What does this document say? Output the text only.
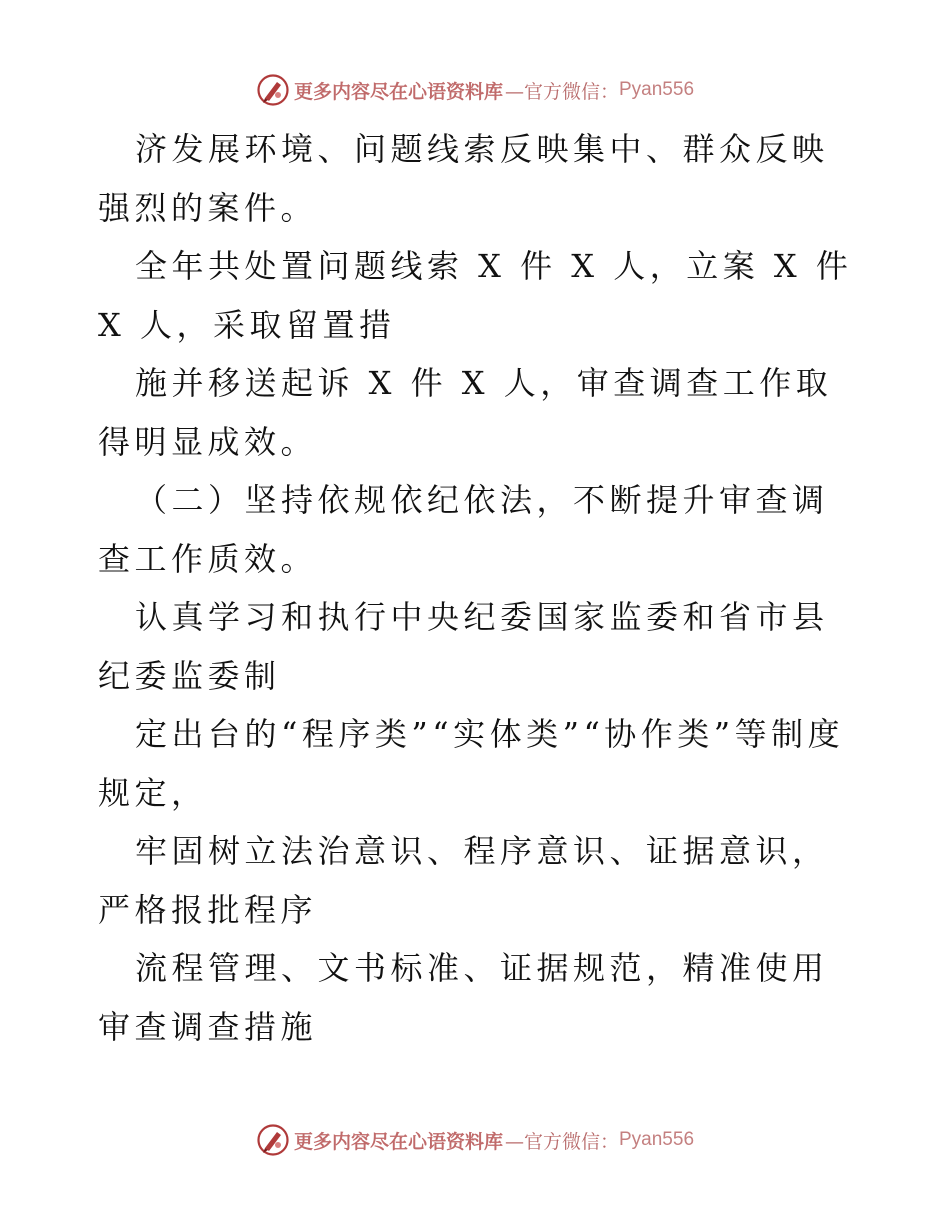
更多内容尽在心语资料库 —官方微信： Pyan556

济发展环境、问题线索反映集中、群众反映强烈的案件。

全年共处置问题线索 X 件 X 人，立案 X 件 X 人，采取留置措

施并移送起诉 X 件 X 人，审查调查工作取得明显成效。

（二）坚持依规依纪依法，不断提升审查调查工作质效。

认真学习和执行中央纪委国家监委和省市县纪委监委制

定出台的“程序类”“实体类”“协作类”等制度规定，

牢固树立法治意识、程序意识、证据意识，严格报批程序

流程管理、文书标准、证据规范，精准使用审查调查措施

更多内容尽在心语资料库 —官方微信： Pyan556
